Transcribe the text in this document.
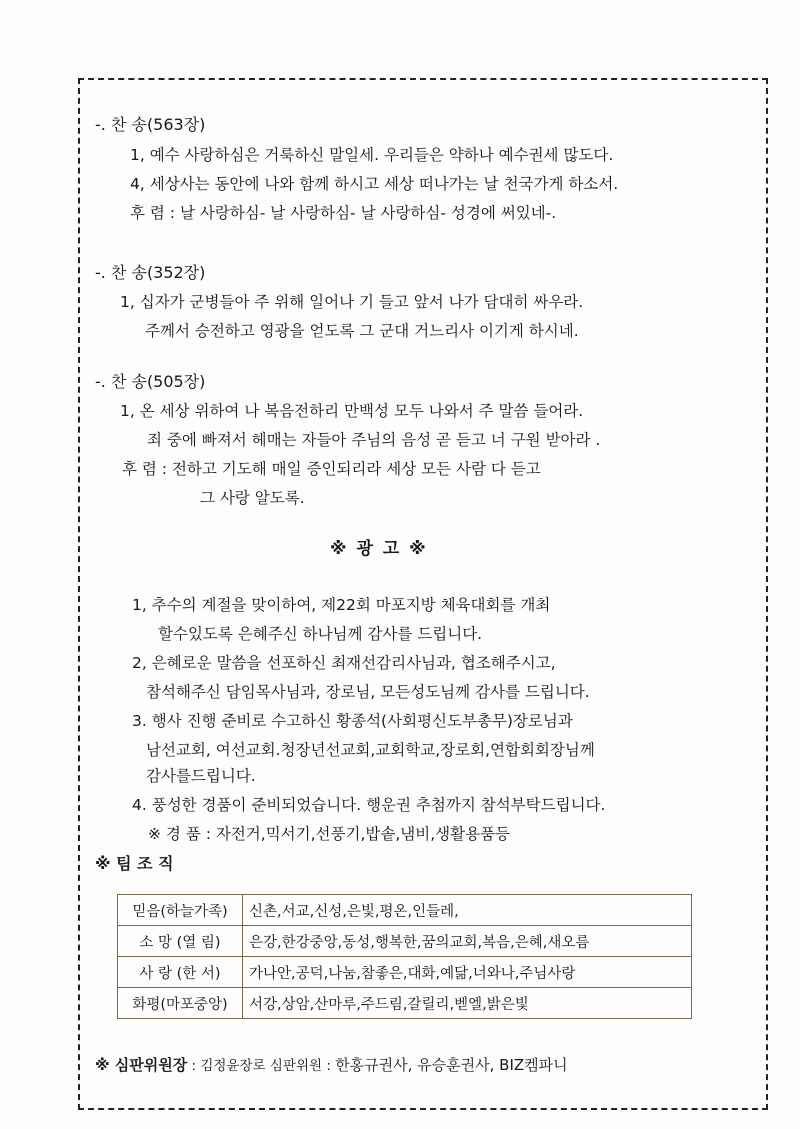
-. 찬 송(563장)
1, 예수 사랑하심은 거룩하신 말일세. 우리들은 약하나 예수권세 많도다.
4, 세상사는 동안에 나와 함께 하시고 세상 떠나가는 날 천국가게 하소서.
후 렴 : 날 사랑하심- 날 사랑하심- 날 사랑하심- 성경에 써있네-.
-. 찬 송(352장)
1, 십자가 군병들아 주 위해 일어나 기 들고 앞서 나가 담대히 싸우라.
주께서 승전하고 영광을 얻도록 그 군대 거느리사 이기게 하시네.
-. 찬 송(505장)
1, 온 세상 위하여 나 복음전하리 만백성 모두 나와서 주 말씀 들어라.
죄 중에 빠져서 헤매는 자들아 주님의 음성 곧 듣고 너 구원 받아라 .
후 렴 : 전하고 기도해 매일 증인되리라 세상 모든 사람 다 듣고
그 사랑 알도록.
※ 광 고 ※
1, 추수의 계절을 맞이하여, 제22회 마포지방 체육대회를 개최
할수있도록 은혜주신 하나님께 감사를 드립니다.
2, 은혜로운 말씀을 선포하신 최재선감리사님과, 협조해주시고,
참석해주신 담임목사님과, 장로님, 모든성도님께 감사를 드립니다.
3. 행사 진행 준비로 수고하신 황종석(사회평신도부총무)장로님과
남선교회, 여선교회.청장년선교회,교회학교,장로회,연합회회장님께
감사를드립니다.
4. 풍성한 경품이 준비되었습니다. 행운권 추첨까지 참석부탁드립니다.
※ 경 품 : 자전거,믹서기,선풍기,밥솥,냄비,생활용품등
※ 팀 조 직
믿음(하늘가족)	신촌,서교,신성,은빛,평온,인들레,
소 망 (열 림)	은강,한강중앙,동성,행복한,꿈의교회,복음,은혜,새오름
사 랑 (한 서)	가나안,공덕,나눔,참좋은,대화,예닮,너와나,주님사랑
화평(마포중앙)	서강,상암,산마루,주드림,갈릴리,벧엘,밝은빛
※ 심판위원장 : 김정윤장로 심판위원 : 한홍규권사, 유승훈권사, BIZ켐파니
